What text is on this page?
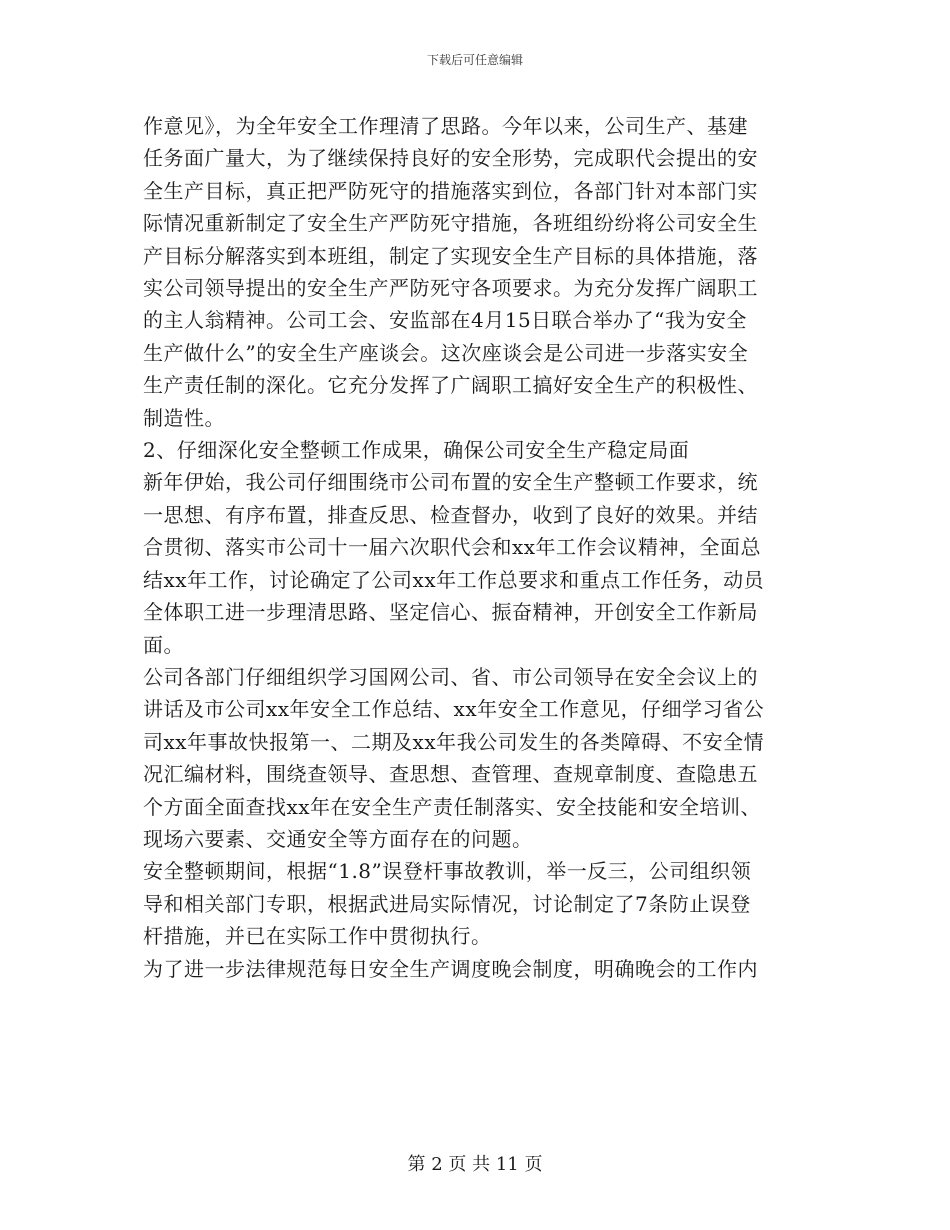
下载后可任意编辑
作意见》，为全年安全工作理清了思路。今年以来，公司生产、基建
任务面广量大，为了继续保持良好的安全形势，完成职代会提出的安
全生产目标，真正把严防死守的措施落实到位，各部门针对本部门实
际情况重新制定了安全生产严防死守措施，各班组纷纷将公司安全生
产目标分解落实到本班组，制定了实现安全生产目标的具体措施，落
实公司领导提出的安全生产严防死守各项要求。为充分发挥广阔职工
的主人翁精神。公司工会、安监部在4月15日联合举办了“我为安全
生产做什么”的安全生产座谈会。这次座谈会是公司进一步落实安全
生产责任制的深化。它充分发挥了广阔职工搞好安全生产的积极性、
制造性。
2、仔细深化安全整顿工作成果，确保公司安全生产稳定局面
新年伊始，我公司仔细围绕市公司布置的安全生产整顿工作要求，统
一思想、有序布置，排查反思、检查督办，收到了良好的效果。并结
合贯彻、落实市公司十一届六次职代会和xx年工作会议精神，全面总
结xx年工作，讨论确定了公司xx年工作总要求和重点工作任务，动员
全体职工进一步理清思路、坚定信心、振奋精神，开创安全工作新局
面。
公司各部门仔细组织学习国网公司、省、市公司领导在安全会议上的
讲话及市公司xx年安全工作总结、xx年安全工作意见，仔细学习省公
司xx年事故快报第一、二期及xx年我公司发生的各类障碍、不安全情
况汇编材料，围绕查领导、查思想、查管理、查规章制度、查隐患五
个方面全面查找xx年在安全生产责任制落实、安全技能和安全培训、
现场六要素、交通安全等方面存在的问题。
安全整顿期间，根据“1.8”误登杆事故教训，举一反三，公司组织领
导和相关部门专职，根据武进局实际情况，讨论制定了7条防止误登
杆措施，并已在实际工作中贯彻执行。
为了进一步法律规范每日安全生产调度晚会制度，明确晚会的工作内
第 2 页 共 11 页
